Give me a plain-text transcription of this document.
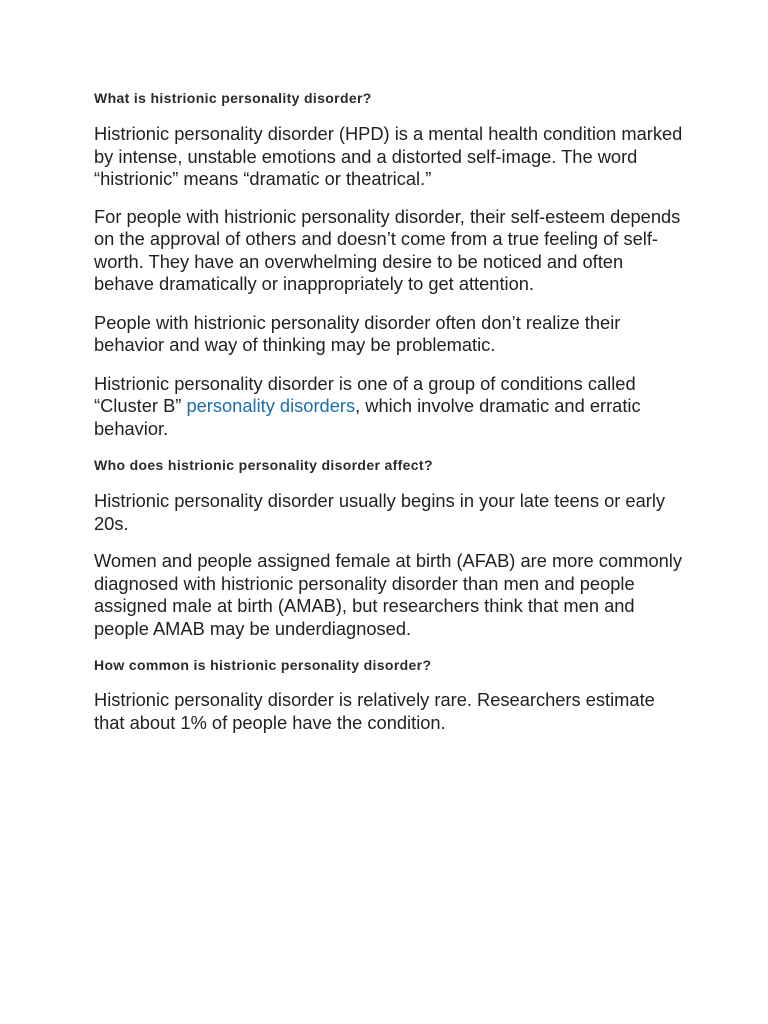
What is histrionic personality disorder?

Histrionic personality disorder (HPD) is a mental health condition marked by intense, unstable emotions and a distorted self-image. The word “histrionic” means “dramatic or theatrical.”

For people with histrionic personality disorder, their self-esteem depends on the approval of others and doesn’t come from a true feeling of self-worth. They have an overwhelming desire to be noticed and often behave dramatically or inappropriately to get attention.

People with histrionic personality disorder often don’t realize their behavior and way of thinking may be problematic.

Histrionic personality disorder is one of a group of conditions called “Cluster B” personality disorders, which involve dramatic and erratic behavior.

Who does histrionic personality disorder affect?

Histrionic personality disorder usually begins in your late teens or early 20s.

Women and people assigned female at birth (AFAB) are more commonly diagnosed with histrionic personality disorder than men and people assigned male at birth (AMAB), but researchers think that men and people AMAB may be underdiagnosed.

How common is histrionic personality disorder?

Histrionic personality disorder is relatively rare. Researchers estimate that about 1% of people have the condition.
